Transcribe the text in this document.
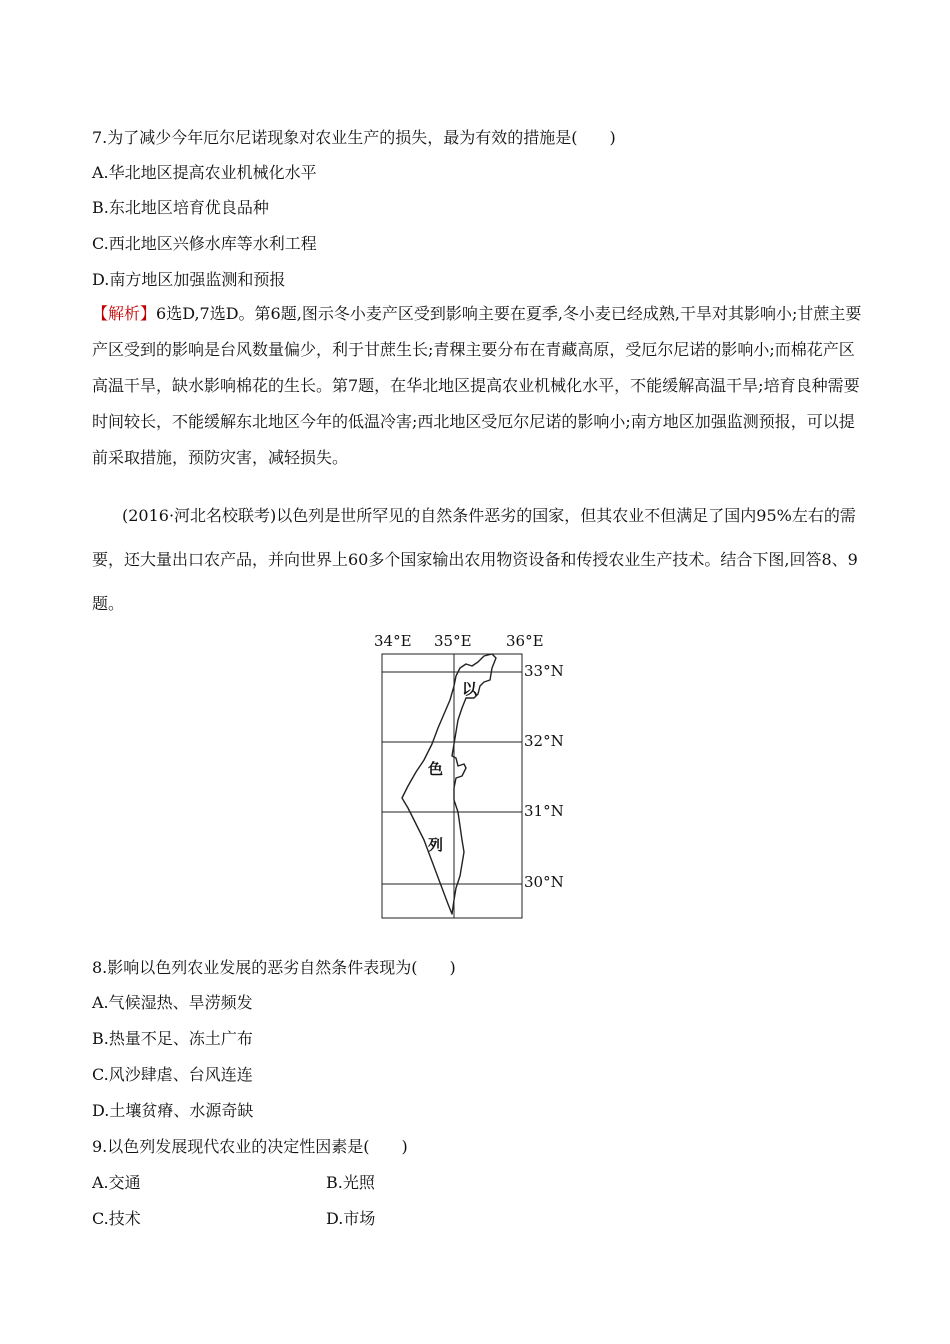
7.为了减少今年厄尔尼诺现象对农业生产的损失，最为有效的措施是(　　)
A.华北地区提高农业机械化水平
B.东北地区培育优良品种
C.西北地区兴修水库等水利工程
D.南方地区加强监测和预报
【解析】6选D,7选D。第6题,图示冬小麦产区受到影响主要在夏季,冬小麦已经成熟,干旱对其影响小;甘蔗主要产区受到的影响是台风数量偏少，利于甘蔗生长;青稞主要分布在青藏高原，受厄尔尼诺的影响小;而棉花产区高温干旱，缺水影响棉花的生长。第7题，在华北地区提高农业机械化水平，不能缓解高温干旱;培育良种需要时间较长，不能缓解东北地区今年的低温冷害;西北地区受厄尔尼诺的影响小;南方地区加强监测预报，可以提前采取措施，预防灾害，减轻损失。
(2016·河北名校联考)以色列是世所罕见的自然条件恶劣的国家，但其农业不但满足了国内95%左右的需要，还大量出口农产品，并向世界上60多个国家输出农用物资设备和传授农业生产技术。结合下图,回答8、9题。
34°E 35°E 36°E
33°N
32°N
31°N
30°N
以
色
列
8.影响以色列农业发展的恶劣自然条件表现为(　　)
A.气候湿热、旱涝频发
B.热量不足、冻土广布
C.风沙肆虐、台风连连
D.土壤贫瘠、水源奇缺
9.以色列发展现代农业的决定性因素是(　　)
A.交通	B.光照
C.技术	D.市场
